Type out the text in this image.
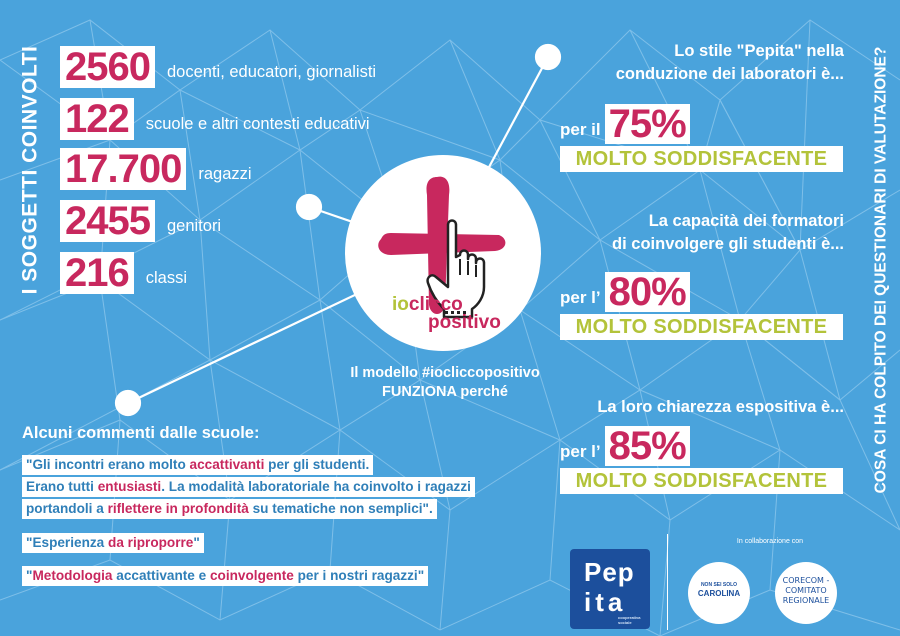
I SOGGETTI COINVOLTI	COSA CI HA COLPITO DEI QUESTIONARI DI VALUTAZIONE?
2560	docenti, educatori, giornalisti
122	scuole e altri contesti educativi
17.700	ragazzi
2455	genitori
216	classi
ioclicco
positivo
Il modello #iocliccopositivo
FUNZIONA perché
Lo stile "Pepita" nella
conduzione dei laboratori è...
per il 75%
MOLTO SODDISFACENTE
La capacità dei formatori
di coinvolgere gli studenti è...
per l’ 80%
MOLTO SODDISFACENTE
La loro chiarezza espositiva è...
per l’ 85%
MOLTO SODDISFACENTE
Alcuni commenti dalle scuole:
"Gli incontri erano molto accattivanti per gli studenti.
Erano tutti entusiasti. La modalità laboratoriale ha coinvolto i ragazzi
portandoli a riflettere in profondità su tematiche non semplici".
"Esperienza da riproporre"
"Metodologia accattivante e coinvolgente per i nostri ragazzi"	Pep
ita
cooperativa sociale
In collaborazione con
NON SEI SOLO
CAROLINA
CORECOM - COMITATO REGIONALE
